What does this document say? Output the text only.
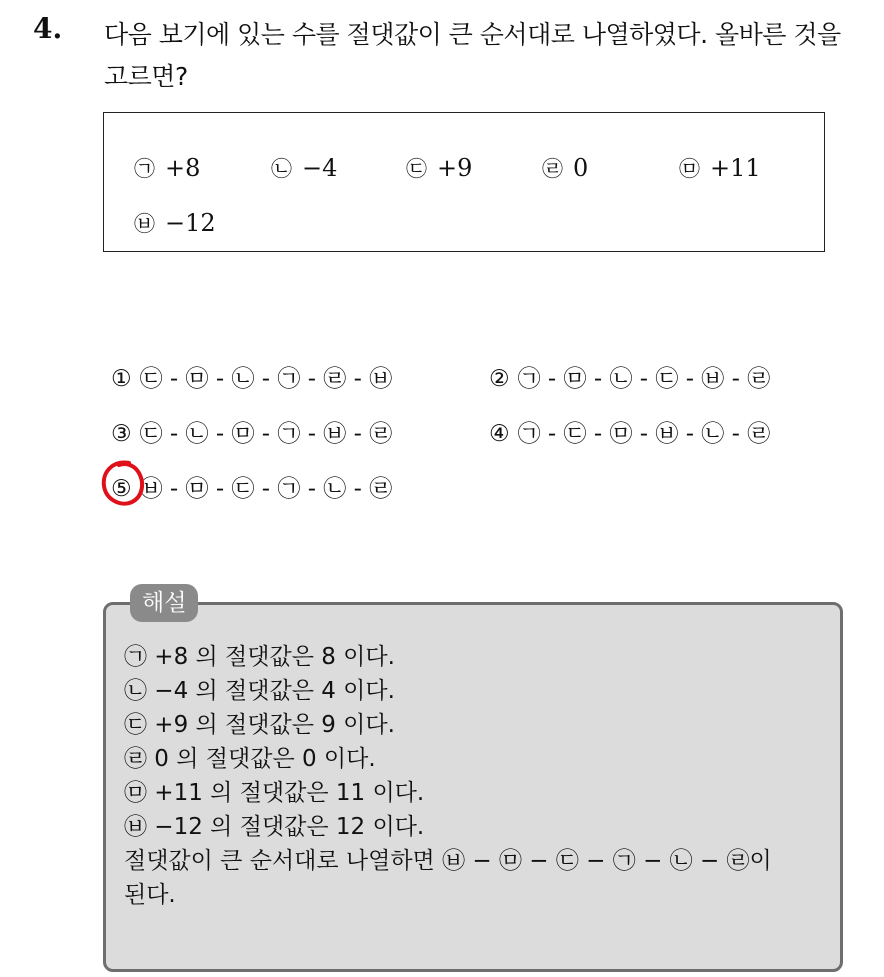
4. 다음 보기에 있는 수를 절댓값이 큰 순서대로 나열하였다. 올바른 것을 고르면?
㉠ +8	㉡ −4	㉢ +9	㉣ 0	㉤ +11
㉥ −12
① ㉢ - ㉤ - ㉡ - ㉠ - ㉣ - ㉥	② ㉠ - ㉤ - ㉡ - ㉢ - ㉥ - ㉣
③ ㉢ - ㉡ - ㉤ - ㉠ - ㉥ - ㉣	④ ㉠ - ㉢ - ㉤ - ㉥ - ㉡ - ㉣
⑤ ㉥ - ㉤ - ㉢ - ㉠ - ㉡ - ㉣
해설
㉠ +8 의 절댓값은 8 이다.
㉡ −4 의 절댓값은 4 이다.
㉢ +9 의 절댓값은 9 이다.
㉣ 0 의 절댓값은 0 이다.
㉤ +11 의 절댓값은 11 이다.
㉥ −12 의 절댓값은 12 이다.
절댓값이 큰 순서대로 나열하면 ㉥ − ㉤ − ㉢ − ㉠ − ㉡ − ㉣이
된다.
